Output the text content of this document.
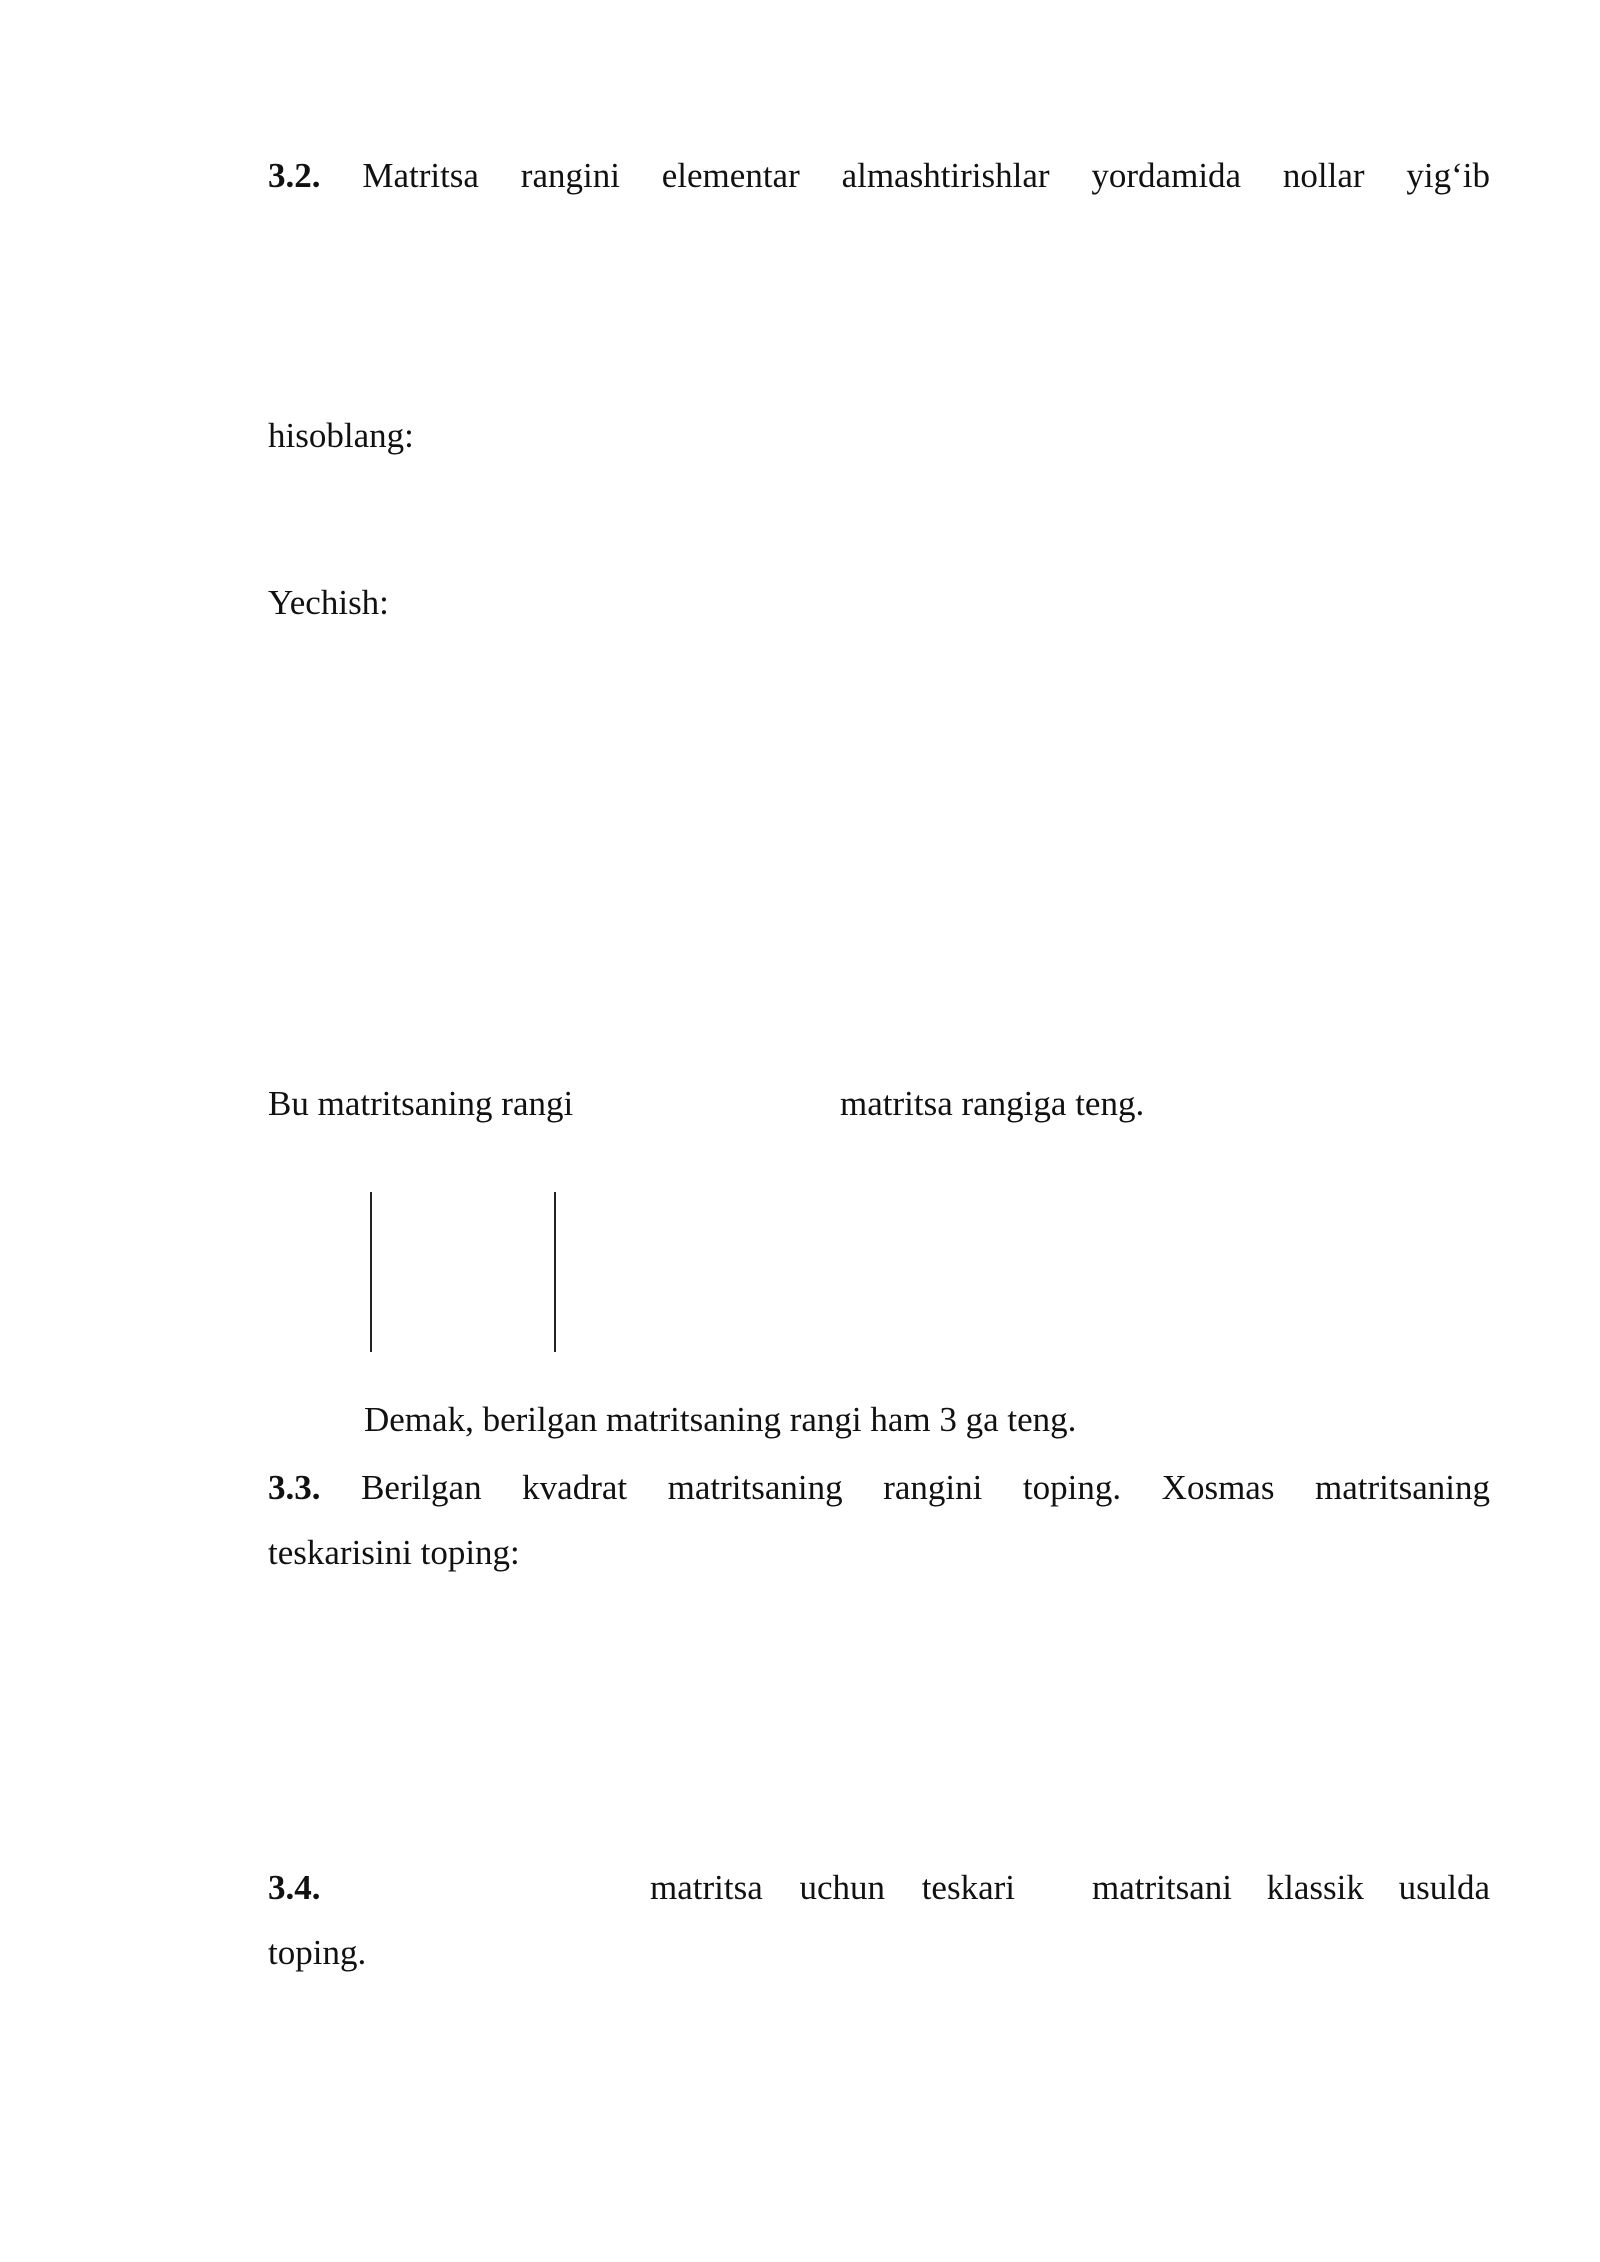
3.2. Matritsa rangini elementar almashtirishlar yordamida nollar yig‘ib
hisoblang:
Yechish:
Bu matritsaning rangi	matritsa rangiga teng.
Demak, berilgan matritsaning rangi ham 3 ga teng.
3.3. Berilgan kvadrat matritsaning rangini toping. Xosmas matritsaning
teskarisini toping:
3.4.	matritsa uchun teskari matritsani klassik usulda
toping.
